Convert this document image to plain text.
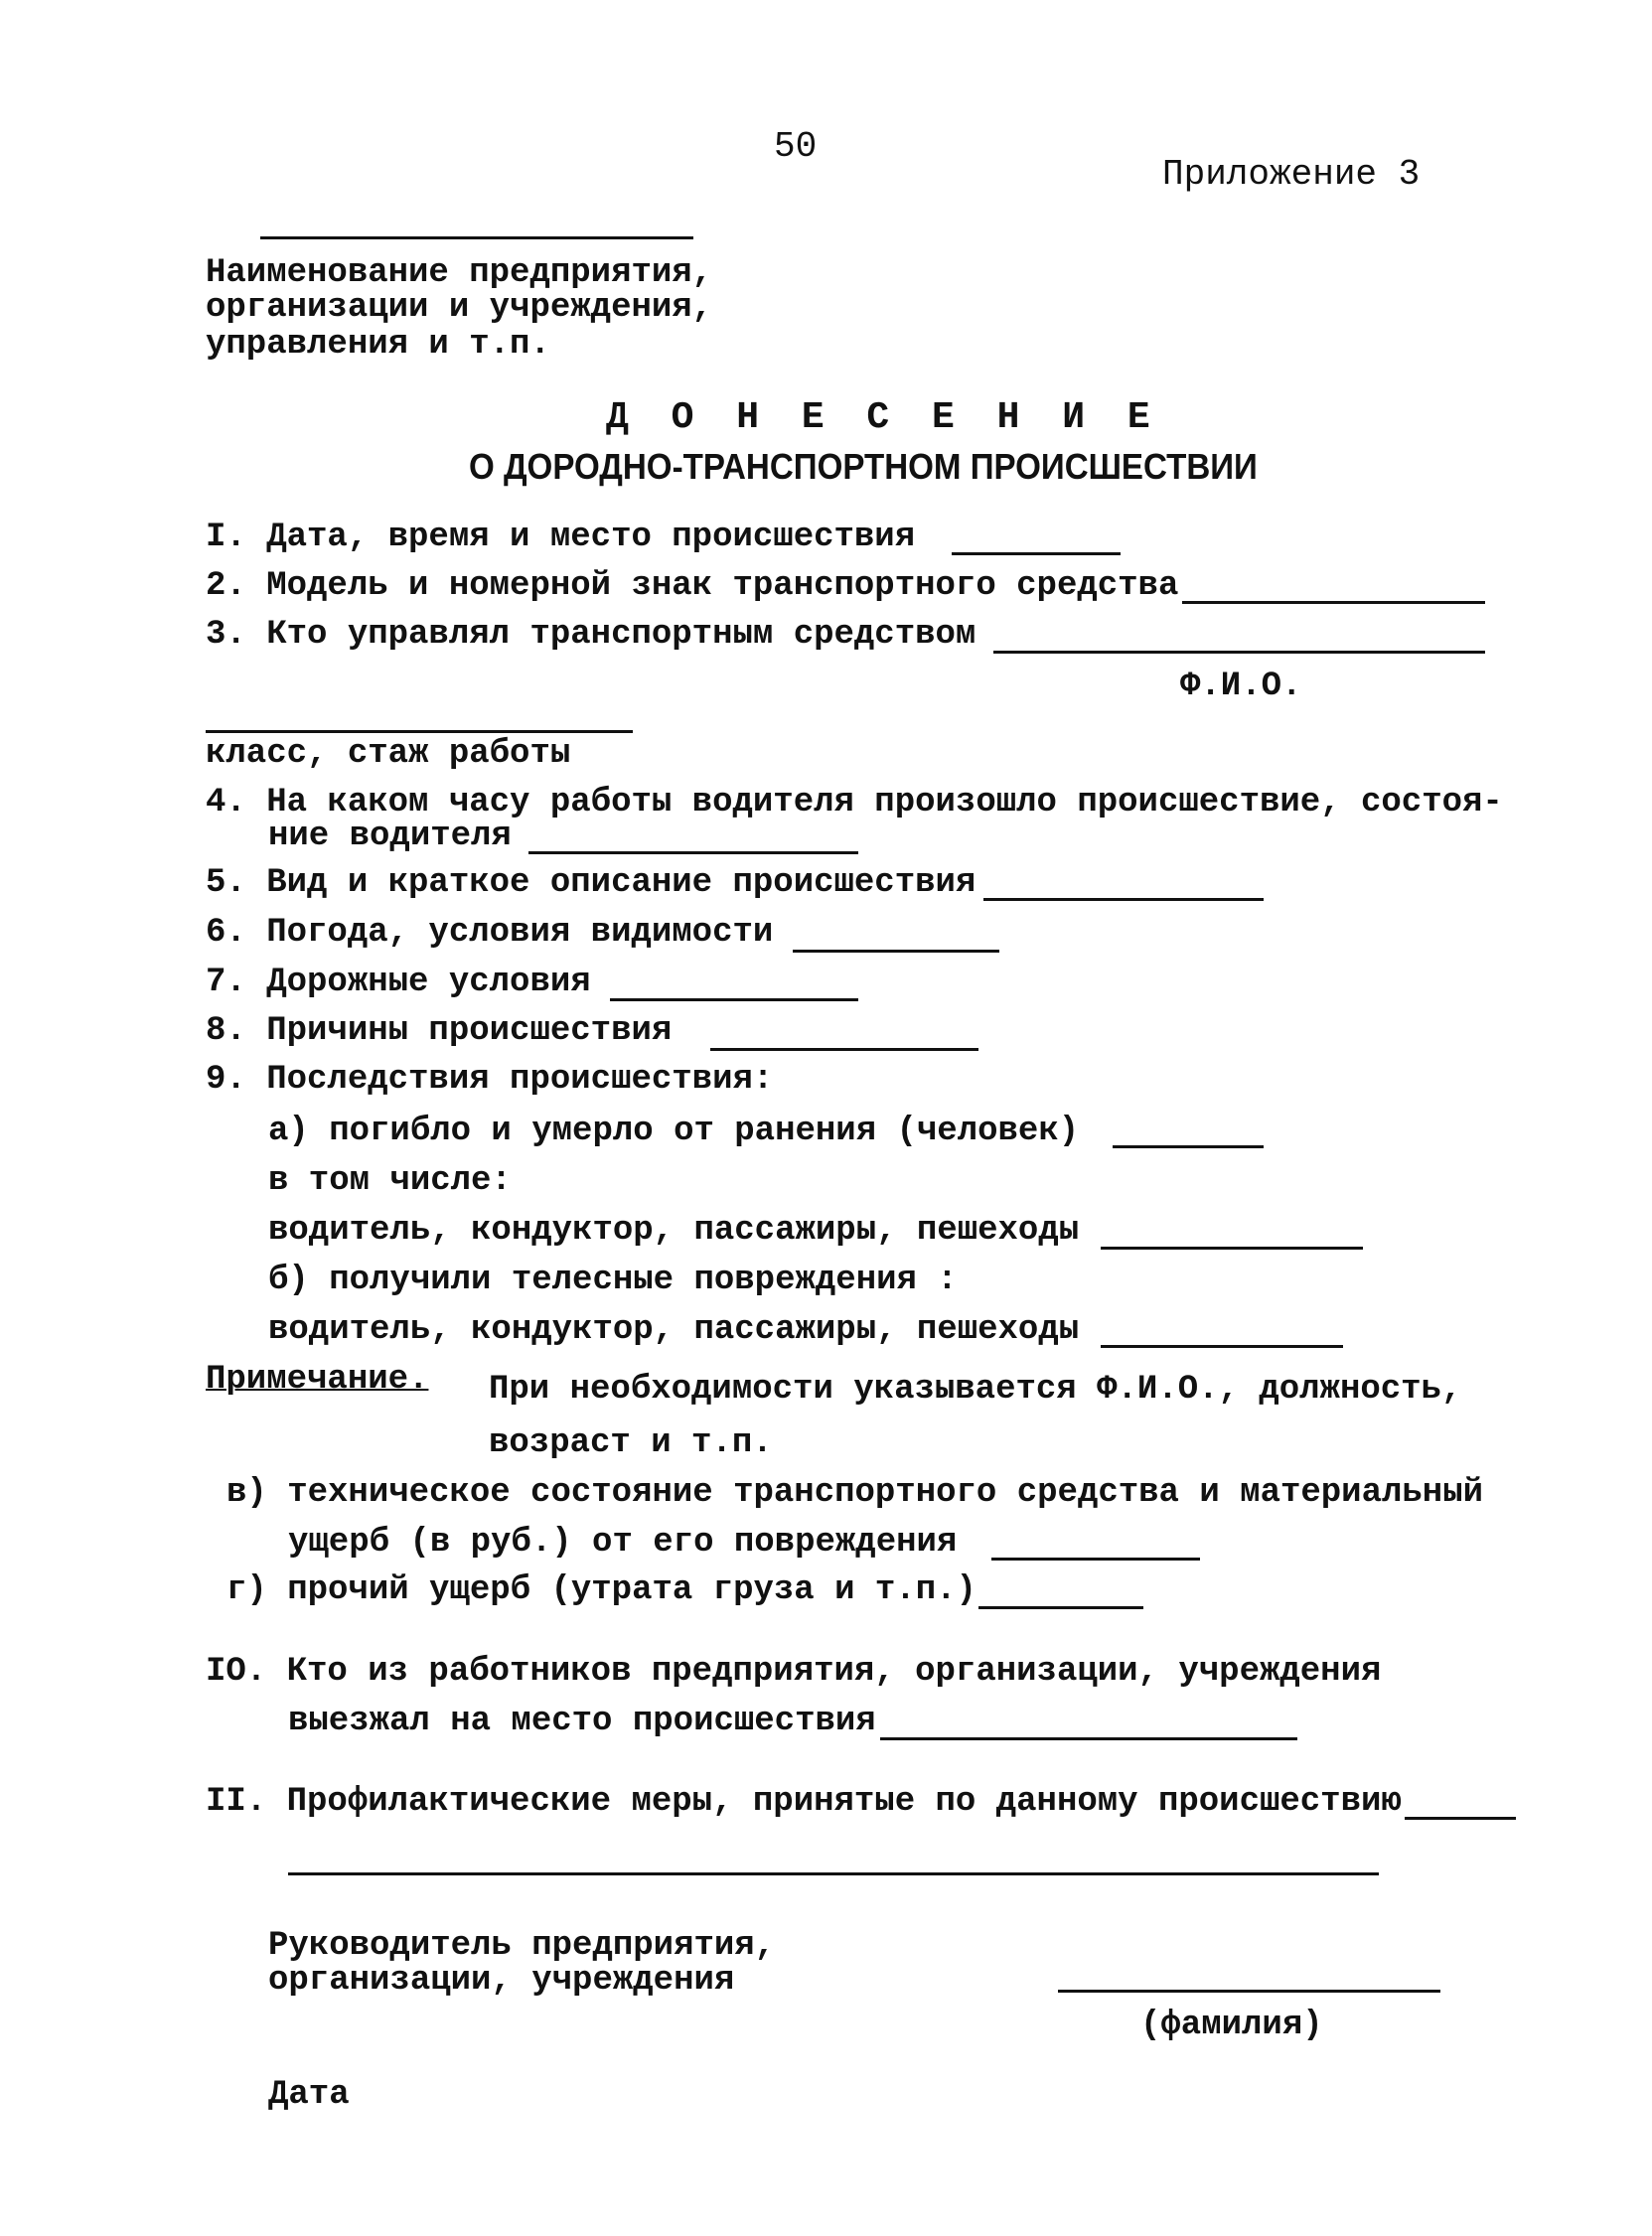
50
Приложение 3
Наименование предприятия,
организации и учреждения,
управления и т.п.
Д О Н Е С Е Н И Е
О ДОРОДНО-ТРАНСПОРТНОМ ПРОИСШЕСТВИИ
I. Дата, время и место происшествия
2. Модель и номерной знак транспортного средства
3. Кто управлял транспортным средством
Ф.И.О.
класс, стаж работы
4. На каком часу работы водителя произошло происшествие, состоя-
ние водителя
5. Вид и краткое описание происшествия
6. Погода, условия видимости
7. Дорожные условия
8. Причины происшествия
9. Последствия происшествия:
а) погибло и умерло от ранения (человек)
в том числе:
водитель, кондуктор, пассажиры, пешеходы
б) получили телесные повреждения :
водитель, кондуктор, пассажиры, пешеходы
Примечание. При необходимости указывается Ф.И.О., должность,
возраст и т.п.
в) техническое состояние транспортного средства и материальный
ущерб (в руб.) от его повреждения
г) прочий ущерб (утрата груза и т.п.)
IO. Кто из работников предприятия, организации, учреждения
выезжал на место происшествия
II. Профилактические меры, принятые по данному происшествию
Руководитель предприятия,
организации, учреждения
(фамилия)
Дата
